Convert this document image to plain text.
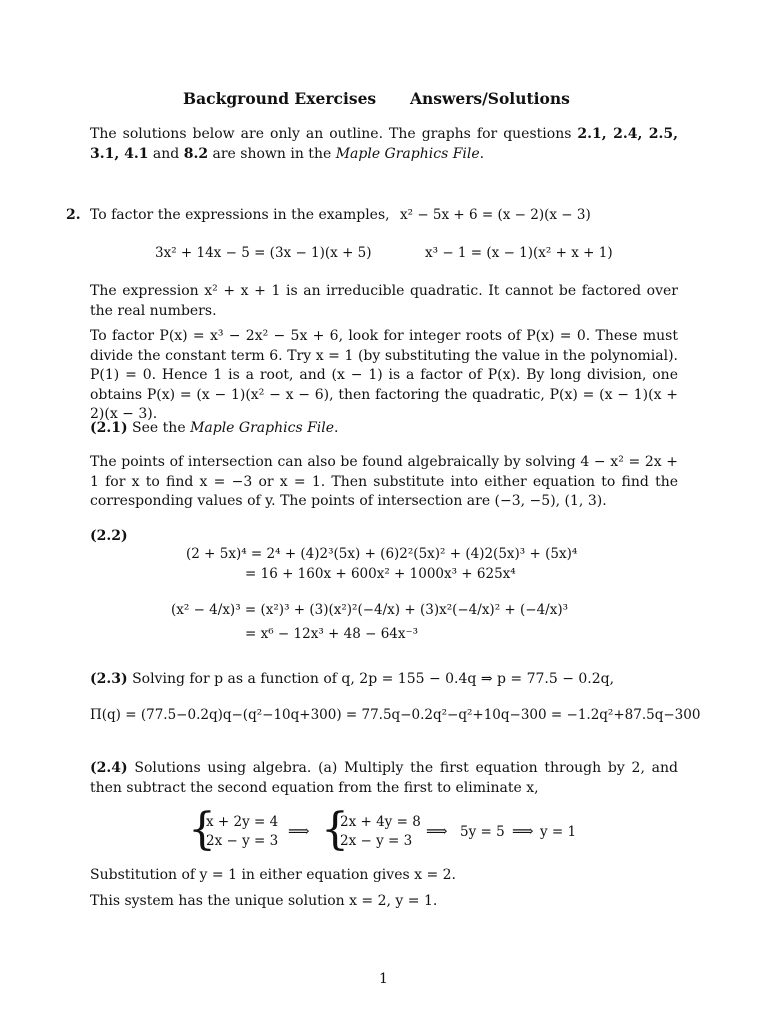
Background Exercises Answers/Solutions
The solutions below are only an outline. The graphs for questions 2.1, 2.4, 2.5, 3.1, 4.1 and 8.2 are shown in the Maple Graphics File.
2. To factor the expressions in the examples, x² − 5x + 6 = (x − 2)(x − 3)
3x² + 14x − 5 = (3x − 1)(x + 5)	x³ − 1 = (x − 1)(x² + x + 1)
The expression x² + x + 1 is an irreducible quadratic. It cannot be factored over the real numbers.
To factor P(x) = x³ − 2x² − 5x + 6, look for integer roots of P(x) = 0. These must divide the constant term 6. Try x = 1 (by substituting the value in the polynomial). P(1) = 0. Hence 1 is a root, and (x − 1) is a factor of P(x). By long division, one obtains P(x) = (x − 1)(x² − x − 6), then factoring the quadratic, P(x) = (x − 1)(x + 2)(x − 3).
(2.1) See the Maple Graphics File.
The points of intersection can also be found algebraically by solving 4 − x² = 2x + 1 for x to find x = −3 or x = 1. Then substitute into either equation to find the corresponding values of y. The points of intersection are (−3, −5), (1, 3).
(2.2)
(2 + 5x)⁴ = 2⁴ + (4)2³(5x) + (6)2²(5x)² + (4)2(5x)³ + (5x)⁴
= 16 + 160x + 600x² + 1000x³ + 625x⁴
(x² − 4/x)³ = (x²)³ + (3)(x²)²(−4/x) + (3)x²(−4/x)² + (−4/x)³
= x⁶ − 12x³ + 48 − 64x⁻³
(2.3) Solving for p as a function of q, 2p = 155 − 0.4q ⇒ p = 77.5 − 0.2q,
Π(q) = (77.5−0.2q)q−(q²−10q+300) = 77.5q−0.2q²−q²+10q−300 = −1.2q²+87.5q−300
(2.4) Solutions using algebra. (a) Multiply the first equation through by 2, and then subtract the second equation from the first to eliminate x,
{
x + 2y = 4
2x − y = 3
⟹ {
2x + 4y = 8
2x − y = 3
⟹ 5y = 5 ⟹ y = 1
Substitution of y = 1 in either equation gives x = 2.
This system has the unique solution x = 2, y = 1.
1
